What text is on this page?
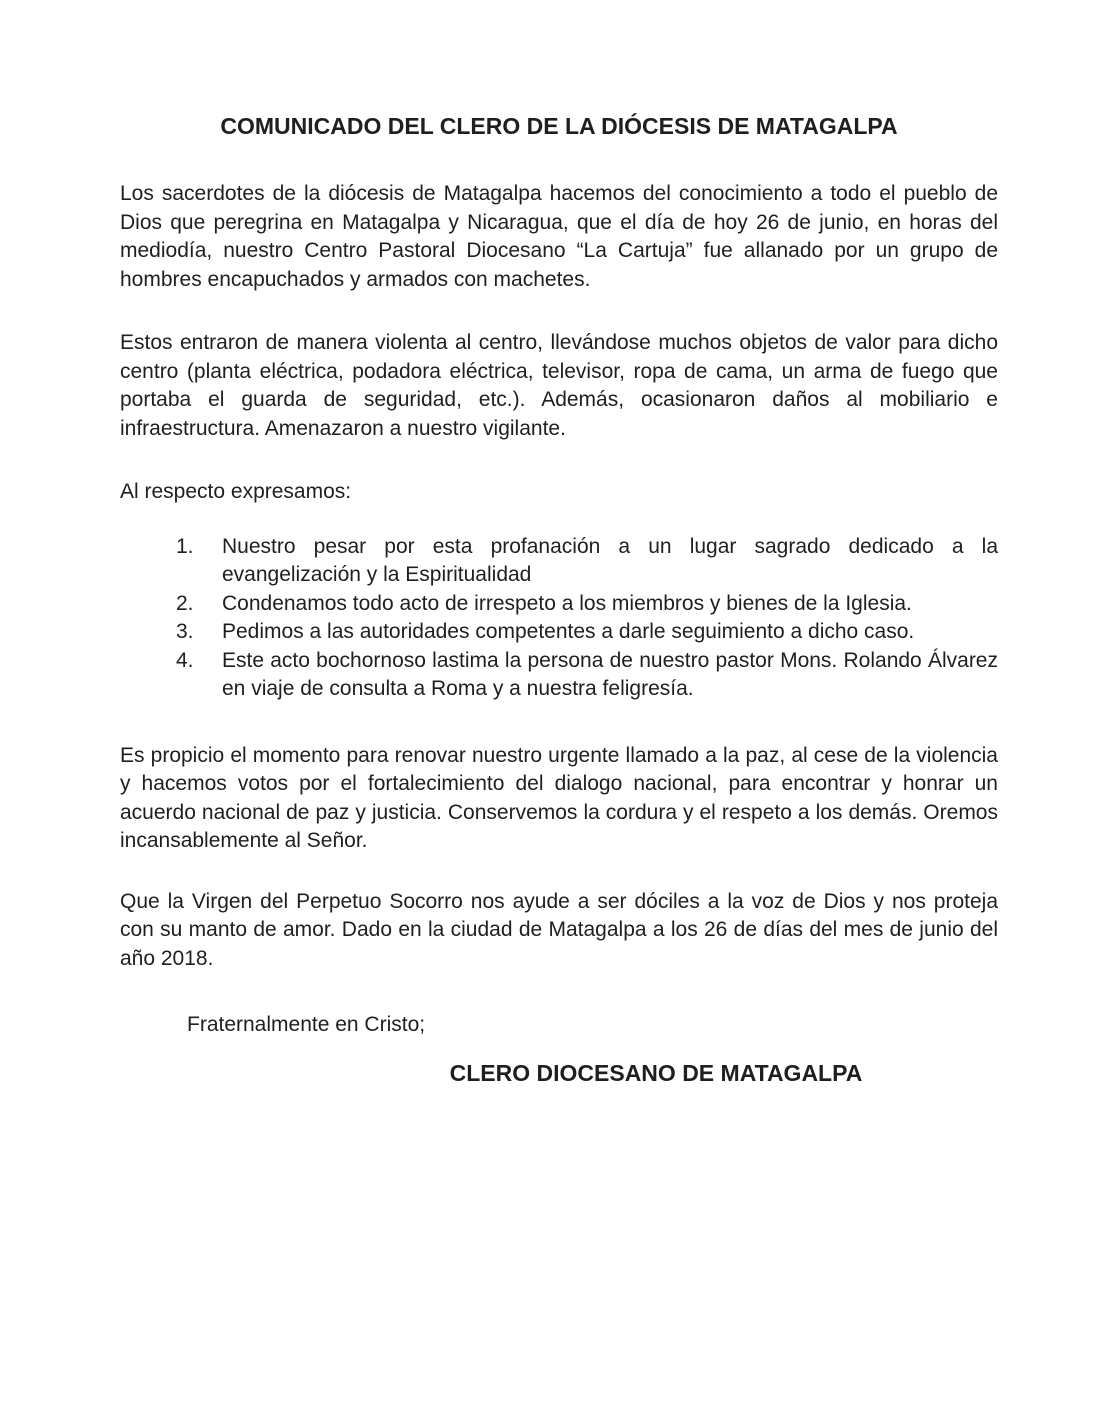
COMUNICADO DEL CLERO DE LA DIÓCESIS DE MATAGALPA

Los sacerdotes de la diócesis de Matagalpa hacemos del conocimiento a todo el pueblo de Dios que peregrina en Matagalpa y Nicaragua, que el día de hoy 26 de junio, en horas del mediodía, nuestro Centro Pastoral Diocesano “La Cartuja” fue allanado por un grupo de hombres encapuchados y armados con machetes.

Estos entraron de manera violenta al centro, llevándose muchos objetos de valor para dicho centro (planta eléctrica, podadora eléctrica, televisor, ropa de cama, un arma de fuego que portaba el guarda de seguridad, etc.). Además, ocasionaron daños al mobiliario e infraestructura. Amenazaron a nuestro vigilante.

Al respecto expresamos:

1.	Nuestro pesar por esta profanación a un lugar sagrado dedicado a la evangelización y la Espiritualidad
2.	Condenamos todo acto de irrespeto a los miembros y bienes de la Iglesia.
3.	Pedimos a las autoridades competentes a darle seguimiento a dicho caso.
4.	Este acto bochornoso lastima la persona de nuestro pastor Mons. Rolando Álvarez en viaje de consulta a Roma y a nuestra feligresía.

Es propicio el momento para renovar nuestro urgente llamado a la paz, al cese de la violencia y hacemos votos por el fortalecimiento del dialogo nacional, para encontrar y honrar un acuerdo nacional de paz y justicia. Conservemos la cordura y el respeto a los demás. Oremos incansablemente al Señor.

Que la Virgen del Perpetuo Socorro nos ayude a ser dóciles a la voz de Dios y nos proteja con su manto de amor. Dado en la ciudad de Matagalpa a los 26 de días del mes de junio del año 2018.

Fraternalmente en Cristo;

CLERO DIOCESANO DE MATAGALPA
